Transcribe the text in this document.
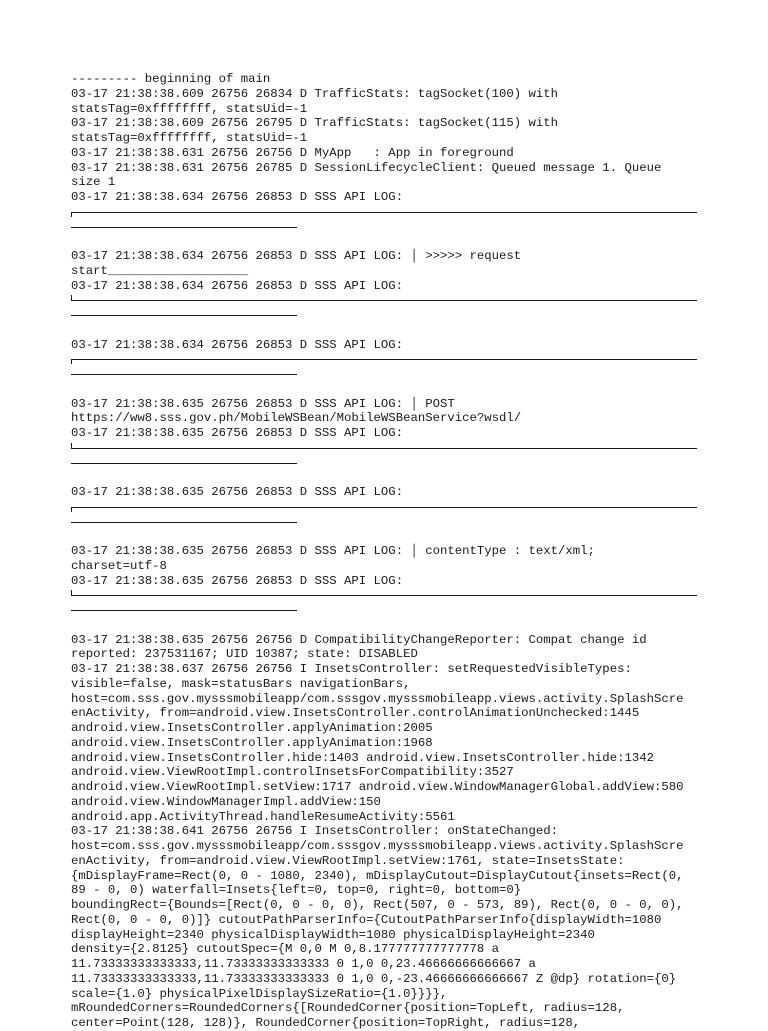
--------- beginning of main
03-17 21:38:38.609 26756 26834 D TrafficStats: tagSocket(100) with
statsTag=0xffffffff, statsUid=-1
03-17 21:38:38.609 26756 26795 D TrafficStats: tagSocket(115) with
statsTag=0xffffffff, statsUid=-1
03-17 21:38:38.631 26756 26756 D MyApp   : App in foreground
03-17 21:38:38.631 26756 26785 D SessionLifecycleClient: Queued message 1. Queue
size 1
03-17 21:38:38.634 26756 26853 D SSS API LOG:
03-17 21:38:38.634 26756 26853 D SSS API LOG: │ >>>>> request
start___________________
03-17 21:38:38.634 26756 26853 D SSS API LOG:
03-17 21:38:38.634 26756 26853 D SSS API LOG:
03-17 21:38:38.635 26756 26853 D SSS API LOG: │ POST
https://ww8.sss.gov.ph/MobileWSBean/MobileWSBeanService?wsdl/
03-17 21:38:38.635 26756 26853 D SSS API LOG:
03-17 21:38:38.635 26756 26853 D SSS API LOG:
03-17 21:38:38.635 26756 26853 D SSS API LOG: │ contentType : text/xml;
charset=utf-8
03-17 21:38:38.635 26756 26853 D SSS API LOG:
03-17 21:38:38.635 26756 26756 D CompatibilityChangeReporter: Compat change id
reported: 237531167; UID 10387; state: DISABLED
03-17 21:38:38.637 26756 26756 I InsetsController: setRequestedVisibleTypes:
visible=false, mask=statusBars navigationBars,
host=com.sss.gov.mysssmobileapp/com.sssgov.mysssmobileapp.views.activity.SplashScre
enActivity, from=android.view.InsetsController.controlAnimationUnchecked:1445
android.view.InsetsController.applyAnimation:2005
android.view.InsetsController.applyAnimation:1968
android.view.InsetsController.hide:1403 android.view.InsetsController.hide:1342
android.view.ViewRootImpl.controlInsetsForCompatibility:3527
android.view.ViewRootImpl.setView:1717 android.view.WindowManagerGlobal.addView:580
android.view.WindowManagerImpl.addView:150
android.app.ActivityThread.handleResumeActivity:5561
03-17 21:38:38.641 26756 26756 I InsetsController: onStateChanged:
host=com.sss.gov.mysssmobileapp/com.sssgov.mysssmobileapp.views.activity.SplashScre
enActivity, from=android.view.ViewRootImpl.setView:1761, state=InsetsState:
{mDisplayFrame=Rect(0, 0 - 1080, 2340), mDisplayCutout=DisplayCutout{insets=Rect(0,
89 - 0, 0) waterfall=Insets{left=0, top=0, right=0, bottom=0}
boundingRect={Bounds=[Rect(0, 0 - 0, 0), Rect(507, 0 - 573, 89), Rect(0, 0 - 0, 0),
Rect(0, 0 - 0, 0)]} cutoutPathParserInfo={CutoutPathParserInfo{displayWidth=1080
displayHeight=2340 physicalDisplayWidth=1080 physicalDisplayHeight=2340
density={2.8125} cutoutSpec={M 0,0 M 0,8.177777777777778 a
11.73333333333333,11.73333333333333 0 1,0 0,23.46666666666667 a
11.73333333333333,11.73333333333333 0 1,0 0,-23.46666666666667 Z @dp} rotation={0}
scale={1.0} physicalPixelDisplaySizeRatio={1.0}}}},
mRoundedCorners=RoundedCorners{[RoundedCorner{position=TopLeft, radius=128,
center=Point(128, 128)}, RoundedCorner{position=TopRight, radius=128,
